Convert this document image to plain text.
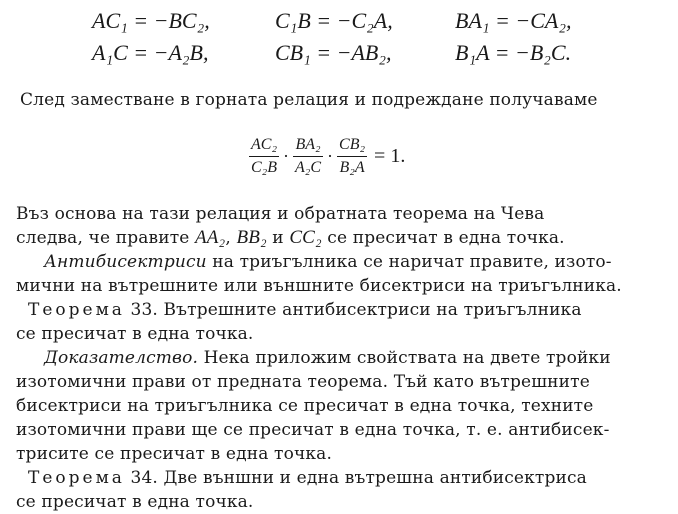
AC₁ = −BC₂,	C₁B = −C₂A,	BA₁ = −CA₂,
A₁C = −A₂B,	CB₁ = −AB₂,	B₁A = −B₂C.
След заместване в горната релация и подреждане получаваме
$\frac{\text{AC₂}}{\text{C₂B}} \cdot \frac{\text{BA₂}}{\text{A₂C}} \cdot \frac{\text{CB₂}}{\text{B₂A}} = 1$.
Въз основа на тази релация и обратната теорема на Чева
следва, че правите AA₂, BB₂ и CC₂ се пресичат в една точка.
Антибисектриси на триъгълника се наричат правите, изото-
мични на вътрешните или външните бисектриси на триъгълника.
Теорема 33. Вътрешните антибисектриси на триъгълника
се пресичат в една точка.
Доказателство. Нека приложим свойствата на двете тройки
изотомични прави от предната теорема. Тъй като вътрешните
бисектриси на триъгълника се пресичат в една точка, техните
изотомични прави ще се пресичат в една точка, т. е. антибисек-
трисите се пресичат в една точка.
Теорема 34. Две външни и една вътрешна антибисектриса
се пресичат в една точка.
